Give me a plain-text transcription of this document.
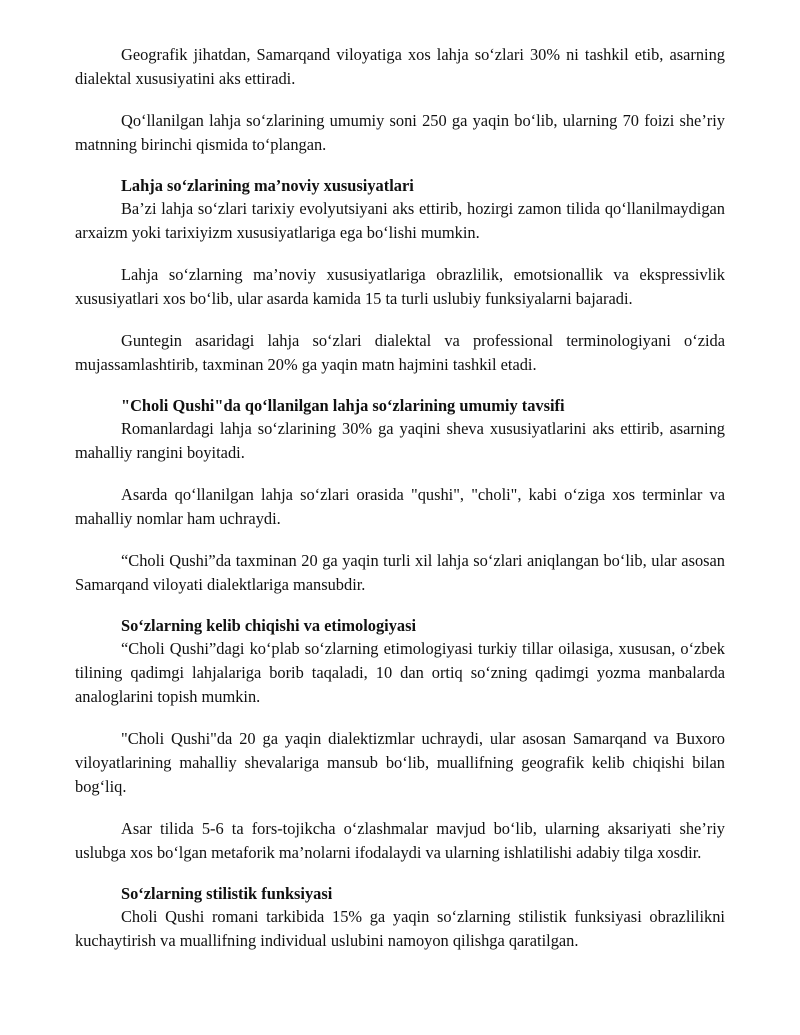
Geografik jihatdan, Samarqand viloyatiga xos lahja so‘zlari 30% ni tashkil etib, asarning dialektal xususiyatini aks ettiradi.

Qo‘llanilgan lahja so‘zlarining umumiy soni 250 ga yaqin bo‘lib, ularning 70 foizi she’riy matnning birinchi qismida to‘plangan.

Lahja so‘zlarining ma’noviy xususiyatlari

Ba’zi lahja so‘zlari tarixiy evolyutsiyani aks ettirib, hozirgi zamon tilida qo‘llanilmaydigan arxaizm yoki tarixiyizm xususiyatlariga ega bo‘lishi mumkin.

Lahja so‘zlarning ma’noviy xususiyatlariga obrazlilik, emotsionallik va ekspressivlik xususiyatlari xos bo‘lib, ular asarda kamida 15 ta turli uslubiy funksiyalarni bajaradi.

Guntegin asaridagi lahja so‘zlari dialektal va professional terminologiyani o‘zida mujassamlashtirib, taxminan 20% ga yaqin matn hajmini tashkil etadi.

"Choli Qushi"da qo‘llanilgan lahja so‘zlarining umumiy tavsifi

Romanlardagi lahja so‘zlarining 30% ga yaqini sheva xususiyatlarini aks ettirib, asarning mahalliy rangini boyitadi.

Asarda qo‘llanilgan lahja so‘zlari orasida "qushi", "choli", kabi o‘ziga xos terminlar va mahalliy nomlar ham uchraydi.

“Choli Qushi”da taxminan 20 ga yaqin turli xil lahja so‘zlari aniqlangan bo‘lib, ular asosan Samarqand viloyati dialektlariga mansubdir.

So‘zlarning kelib chiqishi va etimologiyasi

“Choli Qushi”dagi ko‘plab so‘zlarning etimologiyasi turkiy tillar oilasiga, xususan, o‘zbek tilining qadimgi lahjalariga borib taqaladi, 10 dan ortiq so‘zning qadimgi yozma manbalarda analoglarini topish mumkin.

"Choli Qushi"da 20 ga yaqin dialektizmlar uchraydi, ular asosan Samarqand va Buxoro viloyatlarining mahalliy shevalariga mansub bo‘lib, muallifning geografik kelib chiqishi bilan bog‘liq.

Asar tilida 5-6 ta fors-tojikcha o‘zlashmalar mavjud bo‘lib, ularning aksariyati she’riy uslubga xos bo‘lgan metaforik ma’nolarni ifodalaydi va ularning ishlatilishi adabiy tilga xosdir.

So‘zlarning stilistik funksiyasi

Choli Qushi romani tarkibida 15% ga yaqin so‘zlarning stilistik funksiyasi obrazlilikni kuchaytirish va muallifning individual uslubini namoyon qilishga qaratilgan.
